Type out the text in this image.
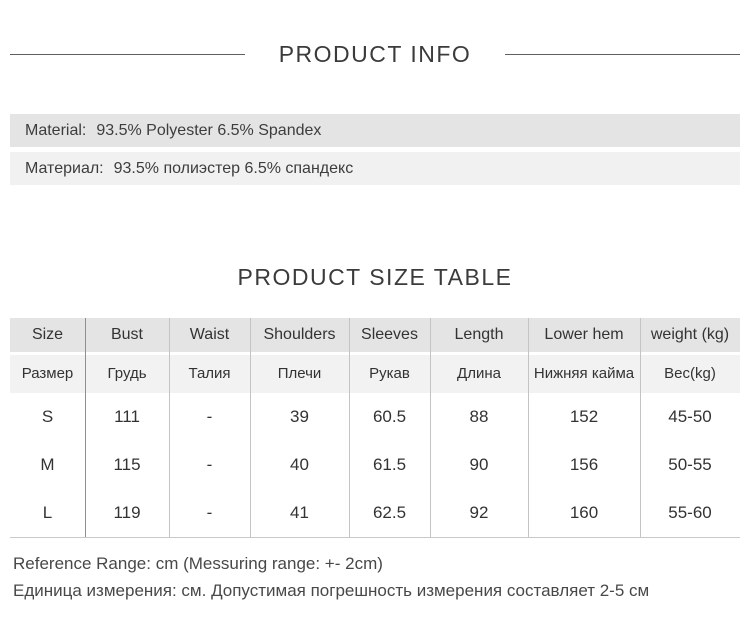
PRODUCT INFO
Material: 93.5% Polyester 6.5% Spandex
Материал: 93.5% полиэстер 6.5% спандекс
PRODUCT SIZE TABLE
Size	Bust	Waist	Shoulders	Sleeves	Length	Lower hem	weight (kg)
Размер	Грудь	Талия	Плечи	Рукав	Длина	Нижняя кайма	Вес(kg)
S	111	-	39	60.5	88	152	45-50
M	115	-	40	61.5	90	156	50-55
L	119	-	41	62.5	92	160	55-60
Reference Range: cm (Messuring range: +- 2cm)
Единица измерения: см. Допустимая погрешность измерения составляет 2-5 см
